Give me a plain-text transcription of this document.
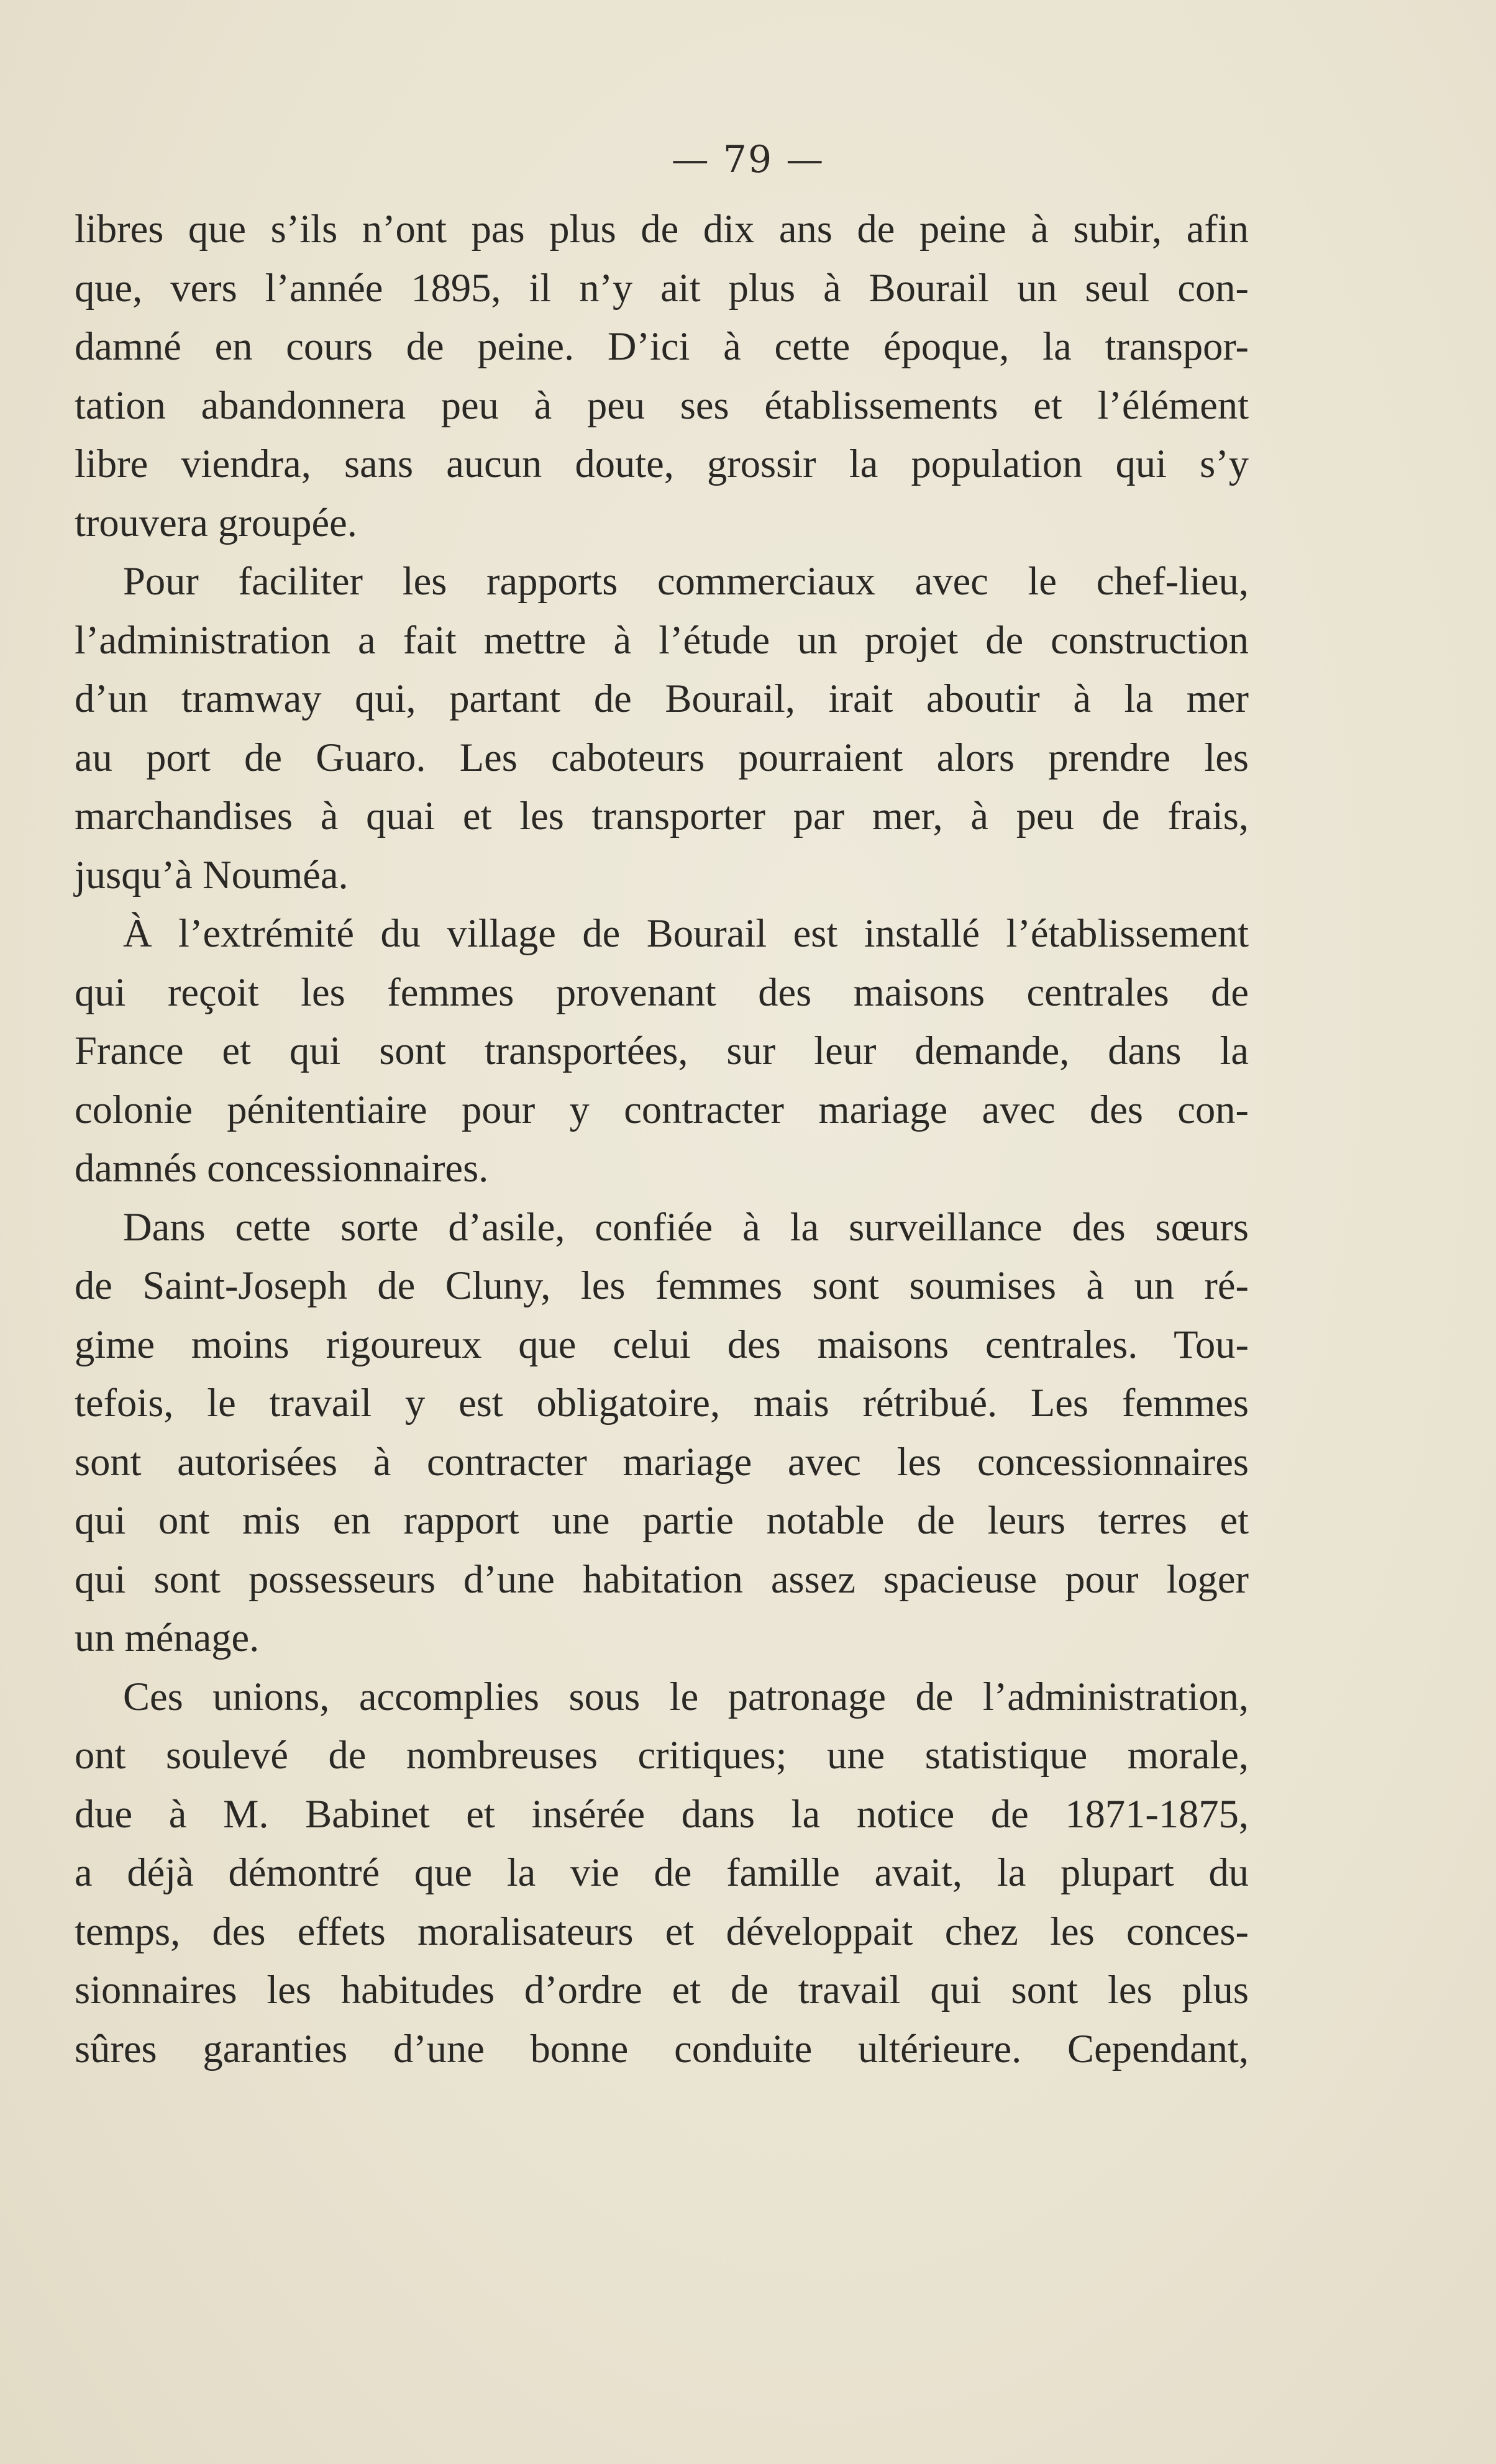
— 79 —
libres que s’ils n’ont pas plus de dix ans de peine à subir, afin
que, vers l’année 1895, il n’y ait plus à Bourail un seul con-
damné en cours de peine. D’ici à cette époque, la transpor-
tation abandonnera peu à peu ses établissements et l’élément
libre viendra, sans aucun doute, grossir la population qui s’y
trouvera groupée.
Pour faciliter les rapports commerciaux avec le chef-lieu,
l’administration a fait mettre à l’étude un projet de construction
d’un tramway qui, partant de Bourail, irait aboutir à la mer
au port de Guaro. Les caboteurs pourraient alors prendre les
marchandises à quai et les transporter par mer, à peu de frais,
jusqu’à Nouméa.
À l’extrémité du village de Bourail est installé l’établissement
qui reçoit les femmes provenant des maisons centrales de
France et qui sont transportées, sur leur demande, dans la
colonie pénitentiaire pour y contracter mariage avec des con-
damnés concessionnaires.
Dans cette sorte d’asile, confiée à la surveillance des sœurs
de Saint-Joseph de Cluny, les femmes sont soumises à un ré-
gime moins rigoureux que celui des maisons centrales. Tou-
tefois, le travail y est obligatoire, mais rétribué. Les femmes
sont autorisées à contracter mariage avec les concessionnaires
qui ont mis en rapport une partie notable de leurs terres et
qui sont possesseurs d’une habitation assez spacieuse pour loger
un ménage.
Ces unions, accomplies sous le patronage de l’administration,
ont soulevé de nombreuses critiques; une statistique morale,
due à M. Babinet et insérée dans la notice de 1871-1875,
a déjà démontré que la vie de famille avait, la plupart du
temps, des effets moralisateurs et développait chez les conces-
sionnaires les habitudes d’ordre et de travail qui sont les plus
sûres garanties d’une bonne conduite ultérieure. Cependant,
